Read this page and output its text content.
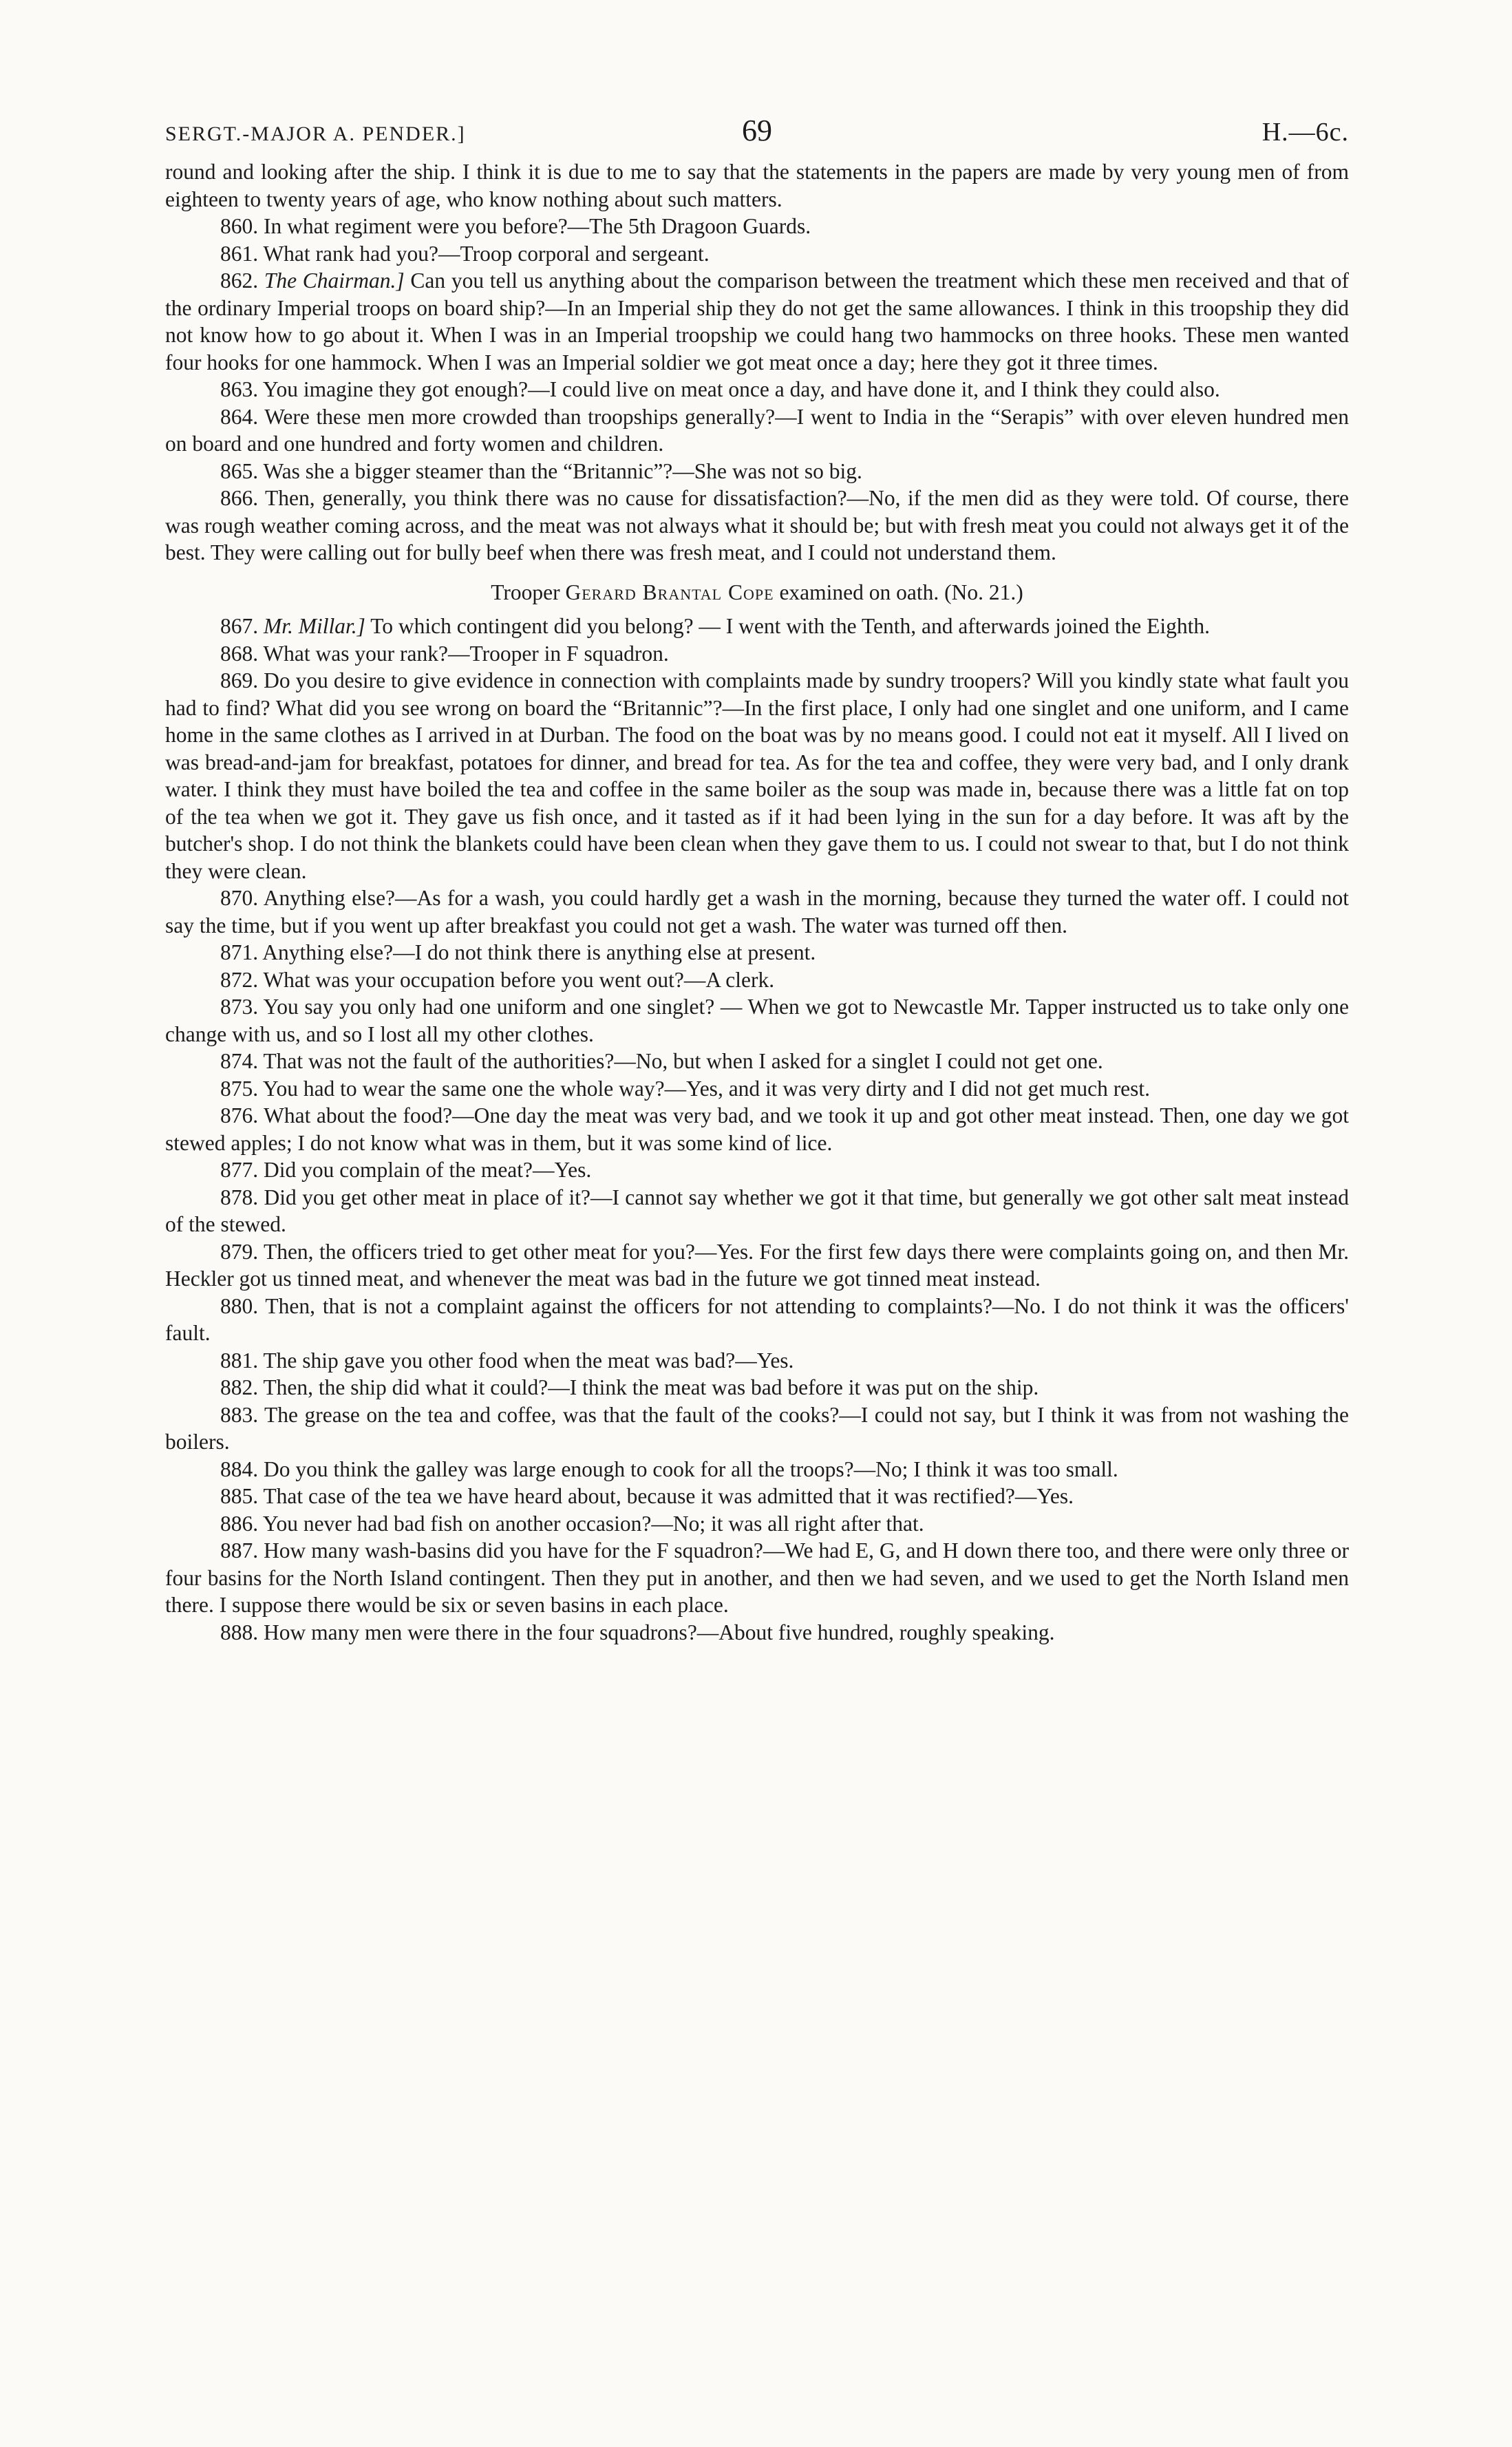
SERGT.-MAJOR A. PENDER.]	69	H.—6c.

round and looking after the ship. I think it is due to me to say that the statements in the papers are made by very young men of from eighteen to twenty years of age, who know nothing about such matters.

860. In what regiment were you before?—The 5th Dragoon Guards.

861. What rank had you?—Troop corporal and sergeant.

862. The Chairman.] Can you tell us anything about the comparison between the treatment which these men received and that of the ordinary Imperial troops on board ship?—In an Imperial ship they do not get the same allowances. I think in this troopship they did not know how to go about it. When I was in an Imperial troopship we could hang two hammocks on three hooks. These men wanted four hooks for one hammock. When I was an Imperial soldier we got meat once a day; here they got it three times.

863. You imagine they got enough?—I could live on meat once a day, and have done it, and I think they could also.

864. Were these men more crowded than troopships generally?—I went to India in the “Serapis” with over eleven hundred men on board and one hundred and forty women and children.

865. Was she a bigger steamer than the “Britannic”?—She was not so big.

866. Then, generally, you think there was no cause for dissatisfaction?—No, if the men did as they were told. Of course, there was rough weather coming across, and the meat was not always what it should be; but with fresh meat you could not always get it of the best. They were calling out for bully beef when there was fresh meat, and I could not understand them.

Trooper Gerard Brantal Cope examined on oath. (No. 21.)

867. Mr. Millar.] To which contingent did you belong? — I went with the Tenth, and afterwards joined the Eighth.

868. What was your rank?—Trooper in F squadron.

869. Do you desire to give evidence in connection with complaints made by sundry troopers? Will you kindly state what fault you had to find? What did you see wrong on board the “Britannic”?—In the first place, I only had one singlet and one uniform, and I came home in the same clothes as I arrived in at Durban. The food on the boat was by no means good. I could not eat it myself. All I lived on was bread-and-jam for breakfast, potatoes for dinner, and bread for tea. As for the tea and coffee, they were very bad, and I only drank water. I think they must have boiled the tea and coffee in the same boiler as the soup was made in, because there was a little fat on top of the tea when we got it. They gave us fish once, and it tasted as if it had been lying in the sun for a day before. It was aft by the butcher's shop. I do not think the blankets could have been clean when they gave them to us. I could not swear to that, but I do not think they were clean.

870. Anything else?—As for a wash, you could hardly get a wash in the morning, because they turned the water off. I could not say the time, but if you went up after breakfast you could not get a wash. The water was turned off then.

871. Anything else?—I do not think there is anything else at present.

872. What was your occupation before you went out?—A clerk.

873. You say you only had one uniform and one singlet? — When we got to Newcastle Mr. Tapper instructed us to take only one change with us, and so I lost all my other clothes.

874. That was not the fault of the authorities?—No, but when I asked for a singlet I could not get one.

875. You had to wear the same one the whole way?—Yes, and it was very dirty and I did not get much rest.

876. What about the food?—One day the meat was very bad, and we took it up and got other meat instead. Then, one day we got stewed apples; I do not know what was in them, but it was some kind of lice.

877. Did you complain of the meat?—Yes.

878. Did you get other meat in place of it?—I cannot say whether we got it that time, but generally we got other salt meat instead of the stewed.

879. Then, the officers tried to get other meat for you?—Yes. For the first few days there were complaints going on, and then Mr. Heckler got us tinned meat, and whenever the meat was bad in the future we got tinned meat instead.

880. Then, that is not a complaint against the officers for not attending to complaints?—No. I do not think it was the officers' fault.

881. The ship gave you other food when the meat was bad?—Yes.

882. Then, the ship did what it could?—I think the meat was bad before it was put on the ship.

883. The grease on the tea and coffee, was that the fault of the cooks?—I could not say, but I think it was from not washing the boilers.

884. Do you think the galley was large enough to cook for all the troops?—No; I think it was too small.

885. That case of the tea we have heard about, because it was admitted that it was rectified?—Yes.

886. You never had bad fish on another occasion?—No; it was all right after that.

887. How many wash-basins did you have for the F squadron?—We had E, G, and H down there too, and there were only three or four basins for the North Island contingent. Then they put in another, and then we had seven, and we used to get the North Island men there. I suppose there would be six or seven basins in each place.

888. How many men were there in the four squadrons?—About five hundred, roughly speaking.
